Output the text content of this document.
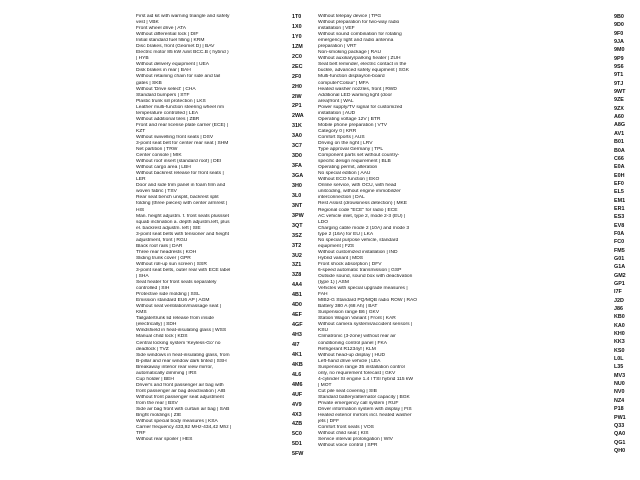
First aid kit with warning triangle and safety
vest | VBK
Front wheel drive | ATA
Without differential lock | DIF
Initial standard fuel filling | KRM
Disc brakes, front (Geomet D) | BAV
Electric motor 85 kW /unit BCC.B ( hybrid )
| HYB
Without delivery equipment | UEA
Disk brakes in rear | BAH
Without retaining chain for side and tail
gates | SKB
Without 'Drive select' | CHA
Standard bumpers | STF
Plastic trunk sill protection | LKS
Leather multi-function steering wheel rim
temperature controlled | LEA
Without additional tires | ZBR
Front and rear license plate carrier (ECE) |
KZT
Without swivelling front seats | DSV
3-point seat belt for center rear seat | SHM
Net partition | TRW
Center console | MIK
Without roof insert (standard roof) | DEI
Without cargo area | LBH
Without backrest release for front seats |
LER
Door and side trim panel in foam film and
woven fabric | TSV
Rear seat bench unsplit, backrest split
folding (three pieces) with center armrest |
HIS
Man. height adjustm. f. front seats plussset
squab inclination a. depth adjustm.left, plus
el. backrest adjustm. left | SIE
3-point seat belts with tensioner and height
adjustment, front | RGU
Black roof rails | DAR
Three rear headrests | KOH
Sliding trunk cover | GPR
Without roll-up sun screen | SSR
3-point seat belts, outer rear with ECE label
| SHA
Seat heater for front seats separately
controlled | SIH
Protective side molding | SSL
Emission standard EU6 AP | AGM
Without seat ventilation/massage seat |
KMS
Tailgate/trunk lid release from inside
(electrically) | SDH
Windshield in heat-insulating glass | WSS
Manual child lock | KDS
Central locking system 'Keyless-Go' no
deadlock | TVZ
Side windows in heat-insulating glass, from
B-pillar and rear window dark tinted | SSH
Breakaway interior rear view mirror,
automatically dimming | IRS
Cup holder | BEH
Driver's and front passenger air bag with
front passenger air bag deactivation | AIB
Without front passenger seat adjustment
from the rear | BSV
Side air bag front with curtain air bag | SAB
Bright moldings | ZIE
Without special body measures | KSA
Carrier frequency 433,92 MHz-434,42 Mhz |
TRF
Without rear spoiler | HES
1T0
1X0
1Y0
1ZM
2C0
2EC
2F0
2H0
2IW
2P1
2WA
31K
3A0
3C7
3D0
3FA
3GA
3H0
3L0
3NT
3PW
3QT
3SZ
3T2
3U2
3Z1
3Z8
4A4
4B1
4D0
4EF
4GF
4H3
4I7
4K1
4KB
4L6
4M6
4UF
4V9
4X3
4ZB
5C0
5D1
5FW
Without telepay device | TPG
Without preparation for two-way radio
installation | VEF
Without sound combination for rotating
emergency light and radio antenna
preparation | VRT
Non-smoking package | RAU
Without auxiliary/parking heater | ZUH
Seat belt reminder, electric contact in the
buckle, advanced safety equipment | SGK
Multi-function display/on-board
computer'Colour' | MFA
Heated washer nozzles, front | RWD
Additional LED warning light (door
area)front | WAL
Power supply/TV signal for customized
installation | AUD
Operating voltage 12V | BTR
Mobile phone preparation | VTV
Category 0 | KRR
Comfort Sports | AUS
Driving on the right | LRV
Type approval Germany | TPL
Component parts set without country-
specific design requirement | BLB
Operating permit, alteration
No special edition | AAU
Without ECO function | EKO
Online service, with OCU, with head
unitcoding, without engine immobilizer
interconnection | DAL
Rest Assist (drowsiness detection) | MKE
Regional code "ECE" for radio | ECE
AC vehicle inlet, type 2, mode 2-3 (EU) |
LDO
Charging cable mode 2 (10A) and mode 3
type 2 (16A) for EU | LKA
No special purpose vehicle, standard
equipment | FZS
Without customized installation | IND
Hybrid variant | MDS
Front shock absorption | DFV
6-speed automatic transmission | GSP
Outside sound, sound box with deactivation
(type 1) | ASM
Vehicles with special upgrade measures |
FAH
MIB2-G Standard PQ/MQB radio ROW | RAO
Battery 380 A (68 Ah) | BAT
Suspension range B6 | GKV
Station Wagon Variant | Front | KAR
Without camera systems/accident sensors |
KSU
Climatronic (3-zone) without rear air
conditioning control panel | FKA
Refrigerant R1234yf | KLM
Without head-up display | HUD
Left-hand drive vehicle | LEA
Suspension range 35 installation control
only, no requirement forecast | GKV
4-cylinder SI engine 1.4 l TSI hybrid 115 kW
| MOT
Cut pile seat covering | SIB
Standard battery/alternator capacity | BGK
Private emergency call system | RUF
Driver information system with display | FIS
Heated exterior mirrors incl. heated washer
jets | DFF
Comfort front seats | VOS
Without child seat | KIS
Service interval prolongation | WIV
Without voice control | SPR
9B0
9D0
9F0
9JA
9M0
9P9
9S6
9T1
9TJ
9WT
9ZE
9ZX
A60
A8G
AV1
B01
B0A
C66
E0A
E0H
EF0
EL5
EM1
ER1
ES3
EV8
F0A
FC0
FM5
G01
G1A
GM2
GP1
I7F
J2D
J86
KB0
KA0
KH0
KK3
KS0
L0L
L35
MV3
NU0
NV0
NZ4
P18
PW1
Q33
QA0
QG1
QH0
